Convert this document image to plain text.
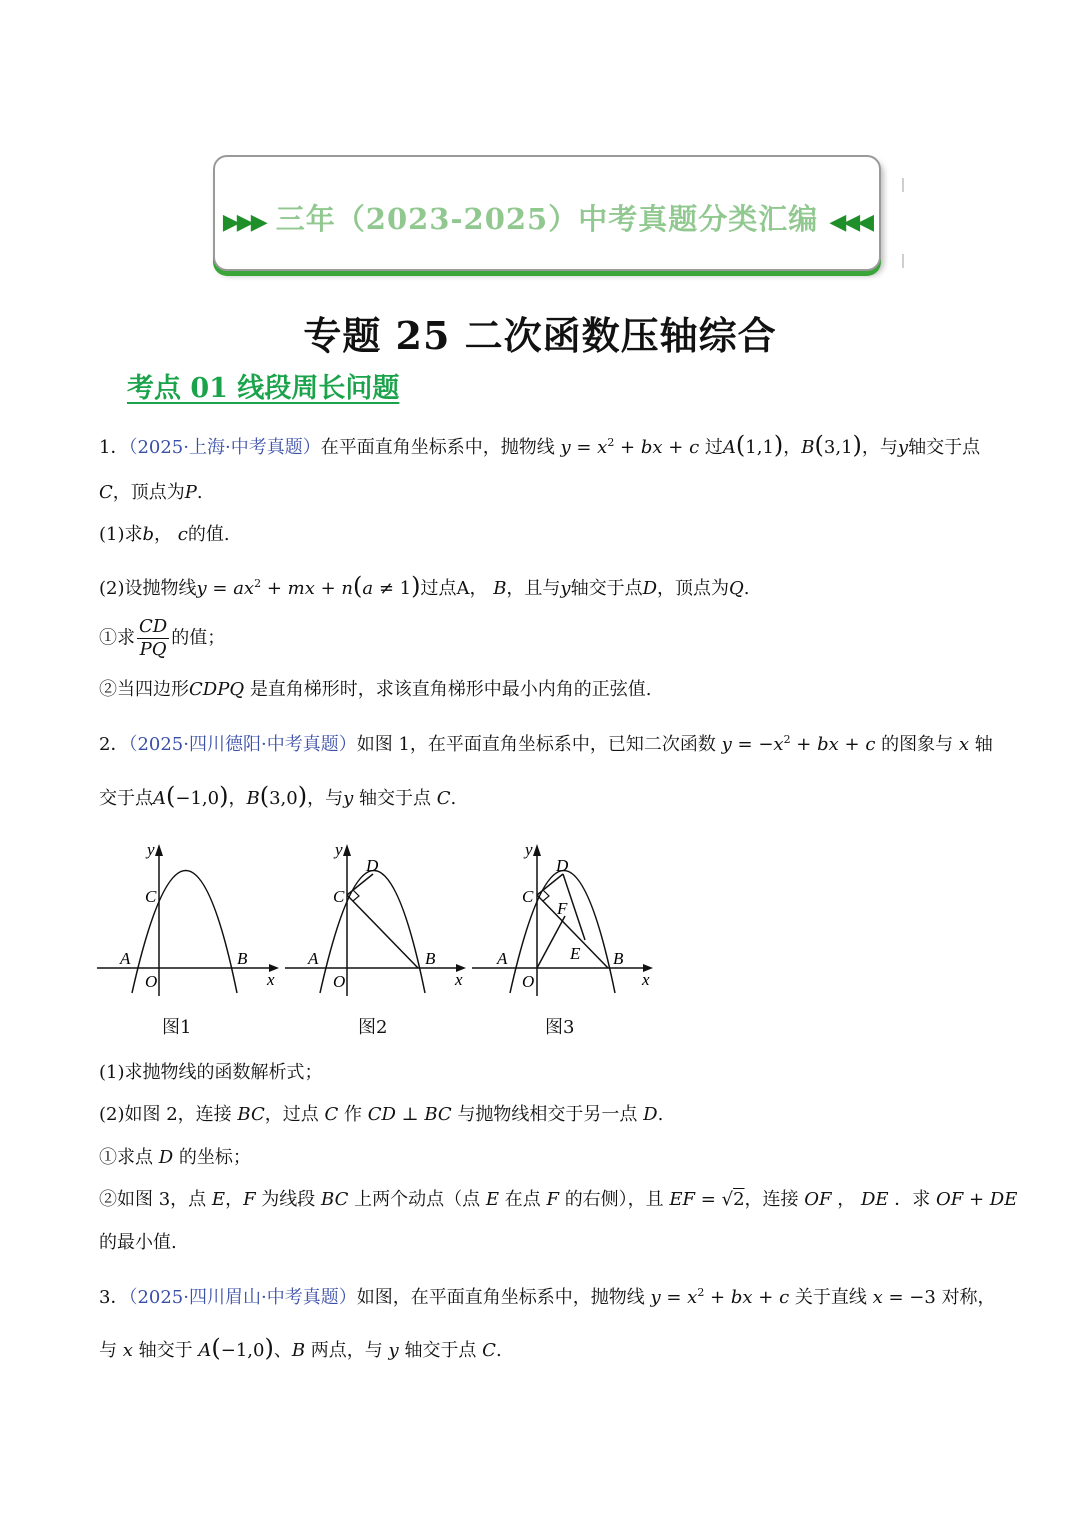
▶▶▶ 三年（2023-2025）中考真题分类汇编 ◀◀◀
专题 25 二次函数压轴综合
考点 01 线段周长问题
1．（2025·上海·中考真题）在平面直角坐标系中，抛物线 $y = x^2$ + bx + c 过A(1,1)，B(3,1)，与y轴交于点
C，顶点为P.
(1)求b， c的值.
(2)设抛物线$y = ax^2$ + mx + n(a ≠ 1)过点A， B，且与y轴交于点D，顶点为Q.
①求 $\frac{CD}{PQ}$ 的值；
②当四边形CDPQ 是直角梯形时，求该直角梯形中最小内角的正弦值.
2．（2025·四川德阳·中考真题）如图 1，在平面直角坐标系中，已知二次函数 $y = -x^2$ + bx + c 的图象与 x 轴
交于点A(−1,0)，B(3,0)，与y 轴交于点 C.
y
C
A
O
B
x
图1
y
D
C
A
O
B
x
图2
y
D
C
F
E
A
O
B
x
图3
(1)求抛物线的函数解析式；
(2)如图 2，连接 BC，过点 C 作 CD ⊥ BC 与抛物线相交于另一点 D.
①求点 D 的坐标；
②如图 3，点 E，F 为线段 BC 上两个动点（点 E 在点 F 的右侧），且 EF = √2，连接 OF ， DE ．求 OF + DE
的最小值.
3．（2025·四川眉山·中考真题）如图，在平面直角坐标系中，抛物线 $y = x^2$ + bx + c 关于直线 x = −3 对称，
与 x 轴交于 A(−1,0)、B 两点，与 y 轴交于点 C.
